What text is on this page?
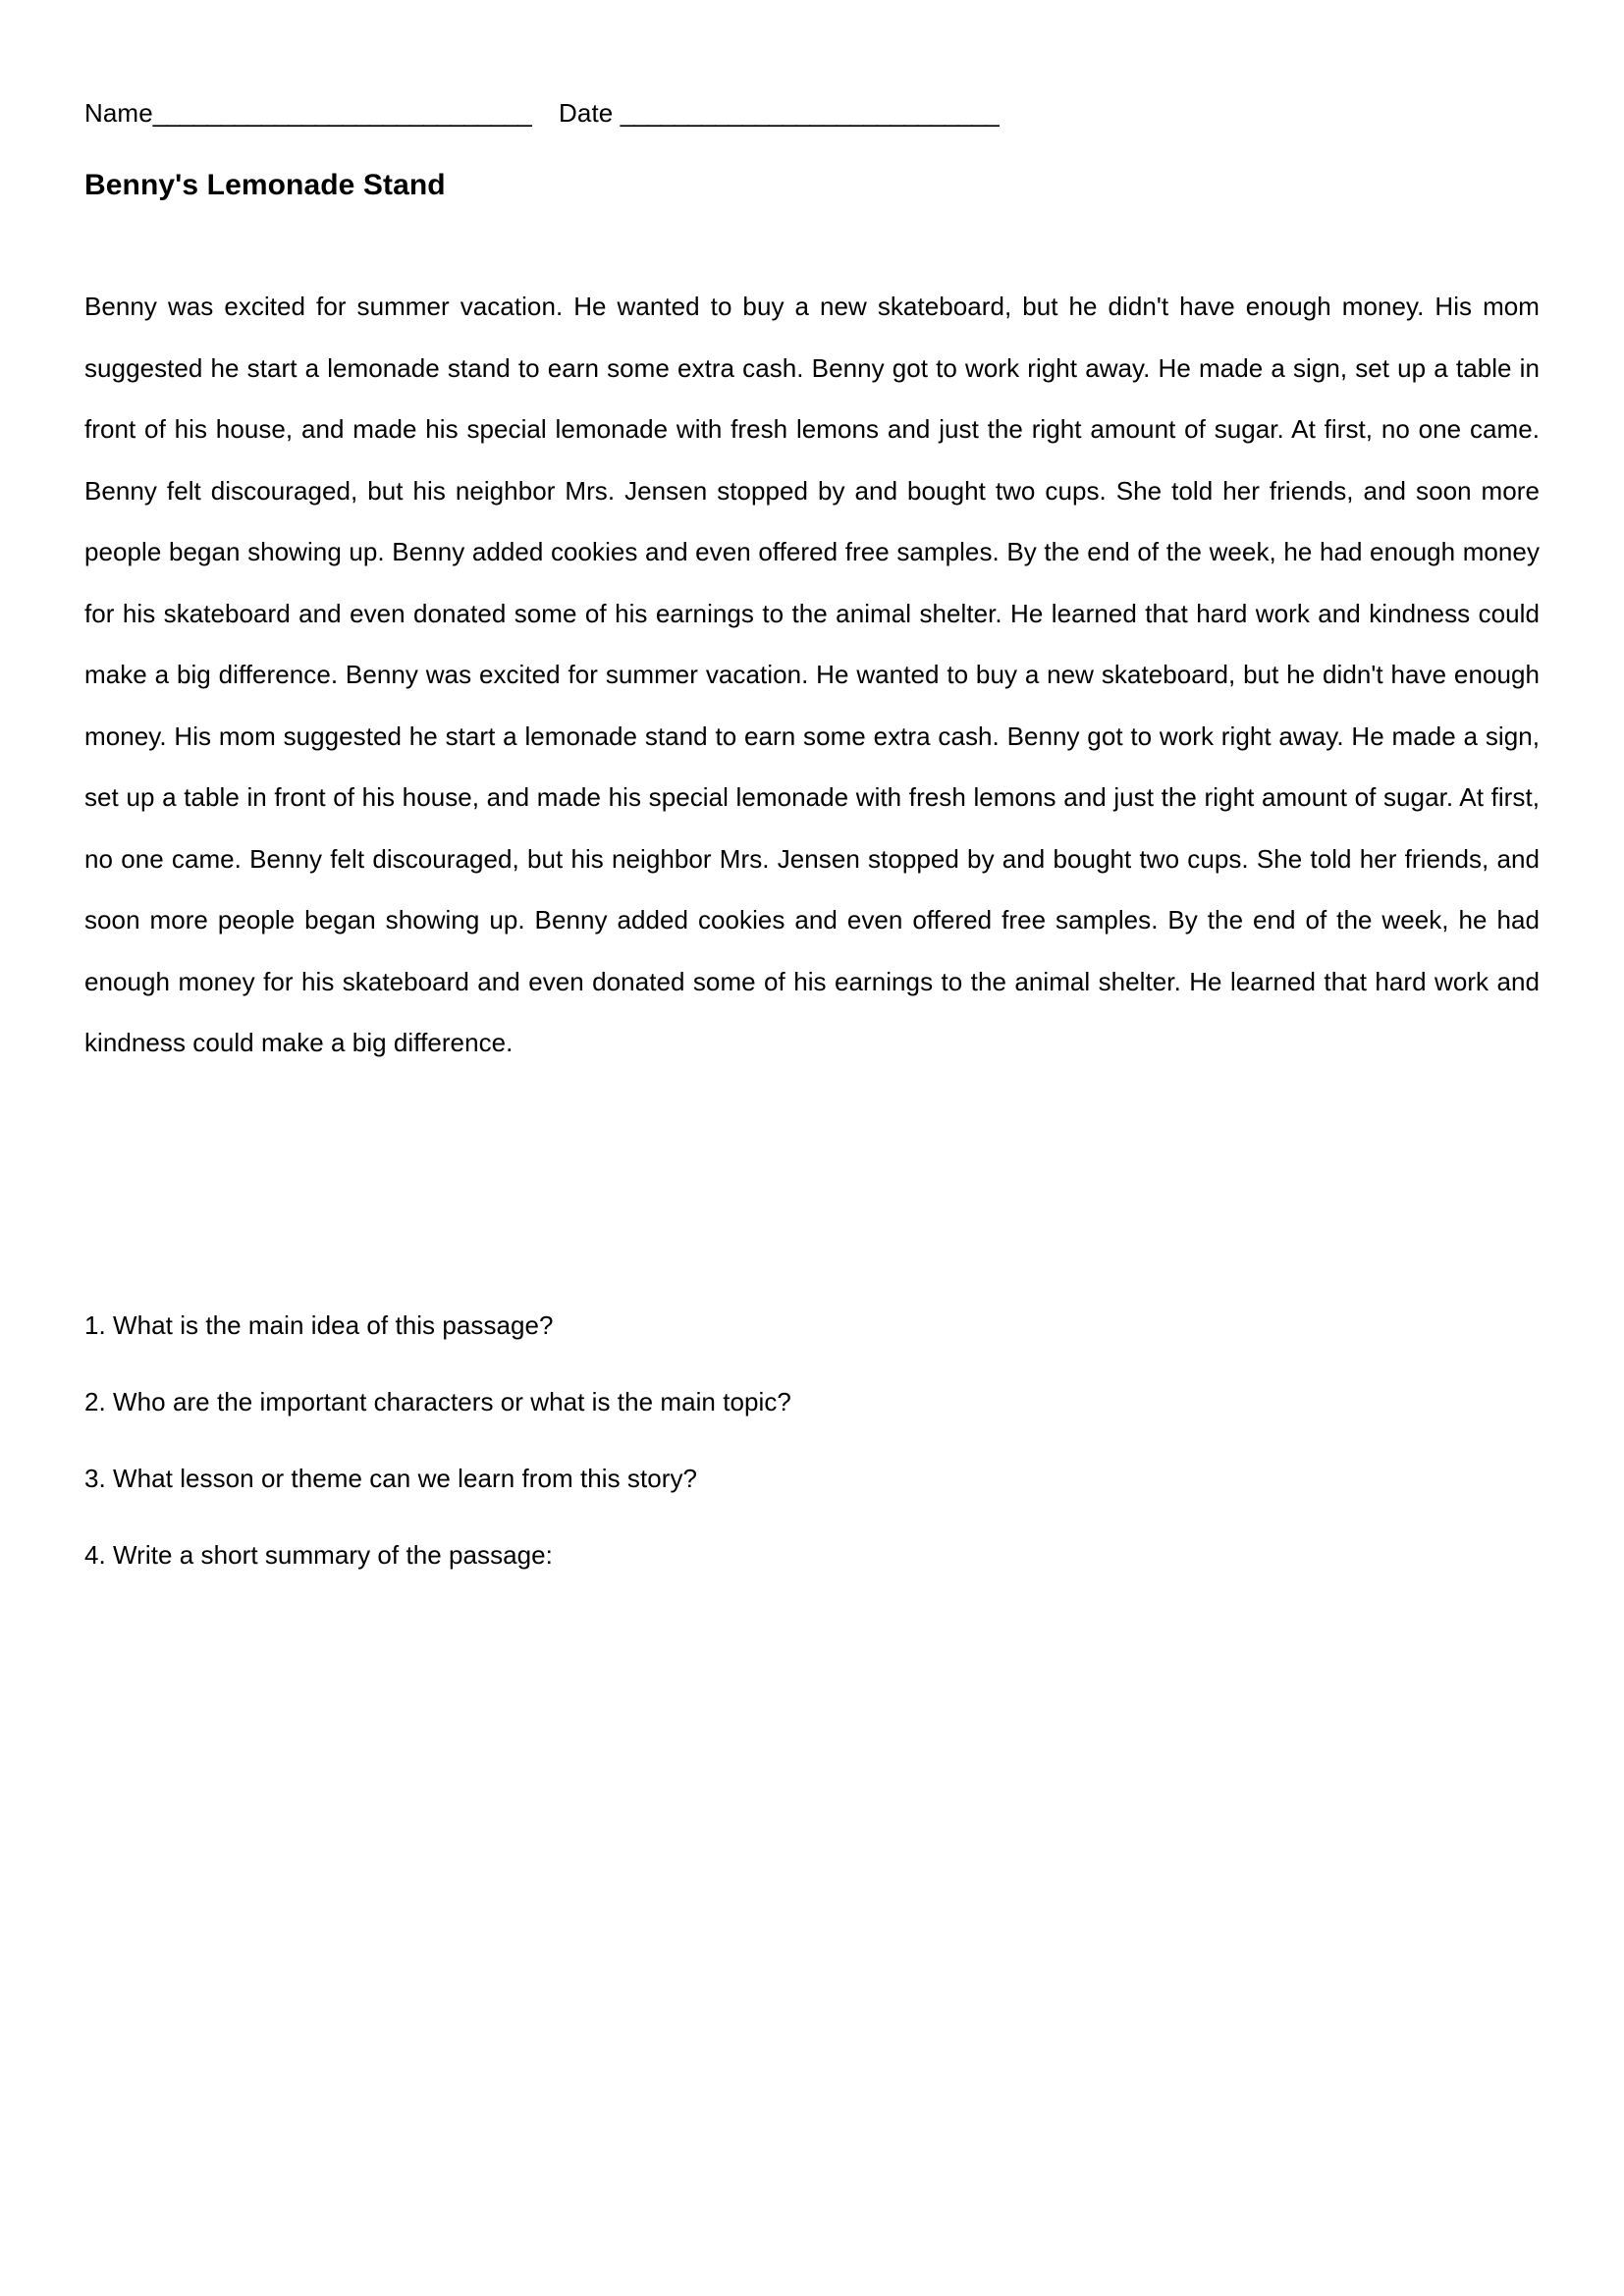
Name____________________________ Date ____________________________
Benny's Lemonade Stand

Benny was excited for summer vacation. He wanted to buy a new skateboard, but he didn't have enough money. His mom suggested he start a lemonade stand to earn some extra cash. Benny got to work right away. He made a sign, set up a table in front of his house, and made his special lemonade with fresh lemons and just the right amount of sugar. At first, no one came. Benny felt discouraged, but his neighbor Mrs. Jensen stopped by and bought two cups. She told her friends, and soon more people began showing up. Benny added cookies and even offered free samples. By the end of the week, he had enough money for his skateboard and even donated some of his earnings to the animal shelter. He learned that hard work and kindness could make a big difference. Benny was excited for summer vacation. He wanted to buy a new skateboard, but he didn't have enough money. His mom suggested he start a lemonade stand to earn some extra cash. Benny got to work right away. He made a sign, set up a table in front of his house, and made his special lemonade with fresh lemons and just the right amount of sugar. At first, no one came. Benny felt discouraged, but his neighbor Mrs. Jensen stopped by and bought two cups. She told her friends, and soon more people began showing up. Benny added cookies and even offered free samples. By the end of the week, he had enough money for his skateboard and even donated some of his earnings to the animal shelter. He learned that hard work and kindness could make a big difference.

1. What is the main idea of this passage?
2. Who are the important characters or what is the main topic?
3. What lesson or theme can we learn from this story?
4. Write a short summary of the passage:
